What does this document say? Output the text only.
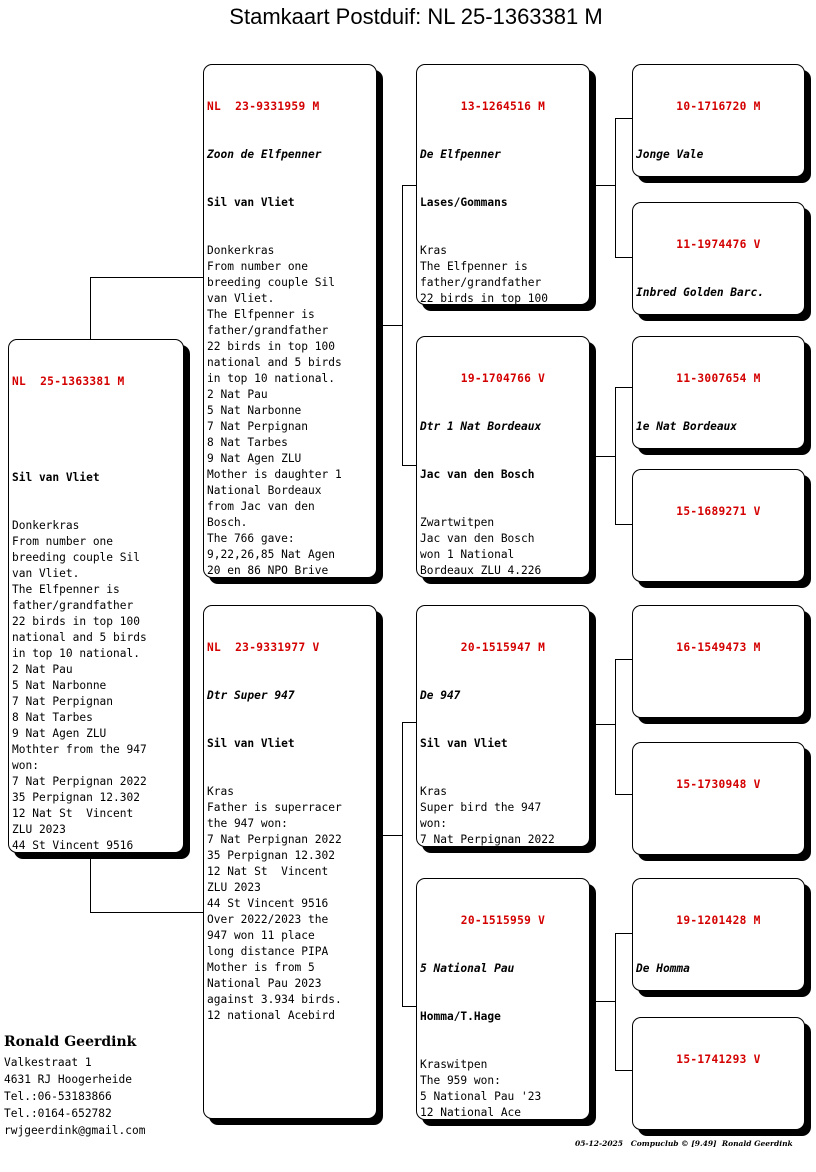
Stamkaart Postduif: NL 25-1363381 M

NL  25-1363381 M

Sil van Vliet

Donkerkras
From number one
breeding couple Sil
van Vliet.
The Elfpenner is
father/grandfather
22 birds in top 100
national and 5 birds
in top 10 national.
2 Nat Pau
5 Nat Narbonne
7 Nat Perpignan
8 Nat Tarbes
9 Nat Agen ZLU
Mothter from the 947
won:
7 Nat Perpignan 2022
35 Perpignan 12.302
12 Nat St  Vincent
ZLU 2023
44 St Vincent 9516

NL  23-9331959 M

Zoon de Elfpenner

Sil van Vliet

Donkerkras
From number one
breeding couple Sil
van Vliet.
The Elfpenner is
father/grandfather
22 birds in top 100
national and 5 birds
in top 10 national.
2 Nat Pau
5 Nat Narbonne
7 Nat Perpignan
8 Nat Tarbes
9 Nat Agen ZLU
Mother is daughter 1
National Bordeaux
from Jac van den
Bosch.
The 766 gave:
9,22,26,85 Nat Agen
20 en 86 NPO Brive

NL  23-9331977 V

Dtr Super 947

Sil van Vliet

Kras
Father is superracer
the 947 won:
7 Nat Perpignan 2022
35 Perpignan 12.302
12 Nat St  Vincent
ZLU 2023
44 St Vincent 9516
Over 2022/2023 the
947 won 11 place
long distance PIPA
Mother is from 5
National Pau 2023
against 3.934 birds.
12 national Acebird

13-1264516 M

De Elfpenner

Lases/Gommans

Kras
The Elfpenner is
father/grandfather
22 birds in top 100

19-1704766 V

Dtr 1 Nat Bordeaux

Jac van den Bosch

Zwartwitpen
Jac van den Bosch
won 1 National
Bordeaux ZLU 4.226

20-1515947 M

De 947

Sil van Vliet

Kras
Super bird the 947
won:
7 Nat Perpignan 2022

20-1515959 V

5 National Pau

Homma/T.Hage

Kraswitpen
The 959 won:
5 National Pau '23
12 National Ace

10-1716720 M

Jonge Vale

11-1974476 V

Inbred Golden Barc.

11-3007654 M

1e Nat Bordeaux

15-1689271 V

16-1549473 M

15-1730948 V

19-1201428 M

De Homma

15-1741293 V

Ronald Geerdink
Valkestraat 1
4631 RJ Hoogerheide
Tel.:06-53183866
Tel.:0164-652782
rwjgeerdink@gmail.com
05-12-2025   Compuclub © [9.49]  Ronald Geerdink
